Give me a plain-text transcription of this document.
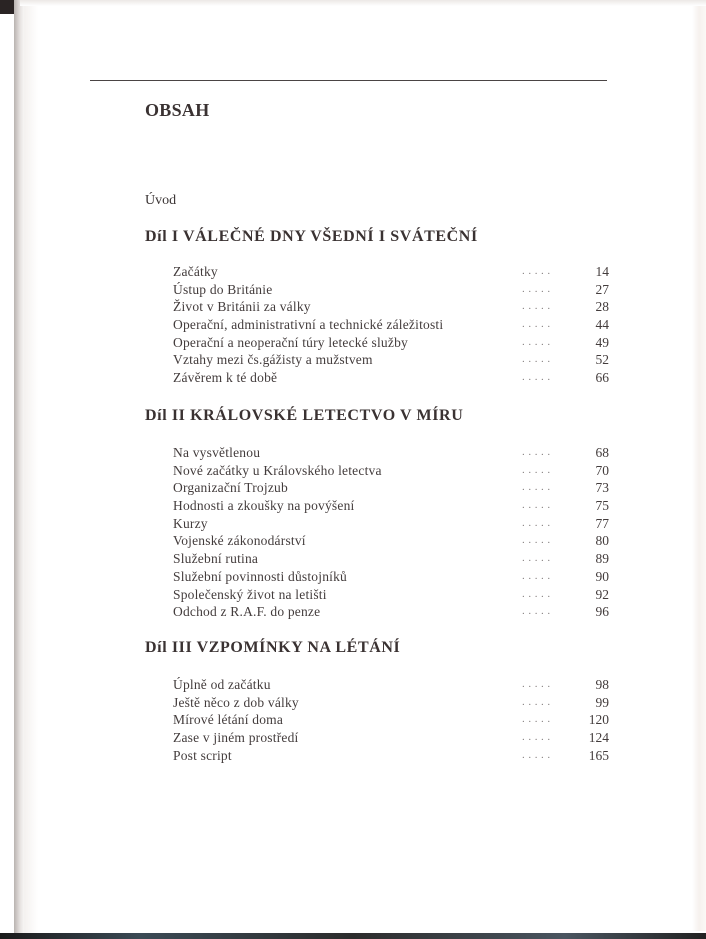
OBSAH
Úvod
Díl I VÁLEČNÉ DNY VŠEDNÍ I SVÁTEČNÍ
Začátky	.....	14
Ústup do Británie	.....	27
Život v Británii za války	.....	28
Operační, administrativní a technické záležitosti	.....	44
Operační a neoperační túry letecké služby	.....	49
Vztahy mezi čs.gážisty a mužstvem	.....	52
Závěrem k té době	.....	66
Díl II KRÁLOVSKÉ LETECTVO V MÍRU
Na vysvětlenou	.....	68
Nové začátky u Královského letectva	.....	70
Organizační Trojzub	.....	73
Hodnosti a zkoušky na povýšení	.....	75
Kurzy	.....	77
Vojenské zákonodárství	.....	80
Služební rutina	.....	89
Služební povinnosti důstojníků	.....	90
Společenský život na letišti	.....	92
Odchod z R.A.F. do penze	.....	96
Díl III VZPOMÍNKY NA LÉTÁNÍ
Úplně od začátku	.....	98
Ještě něco z dob války	.....	99
Mírové létání doma	.....	120
Zase v jiném prostředí	.....	124
Post script	.....	165
